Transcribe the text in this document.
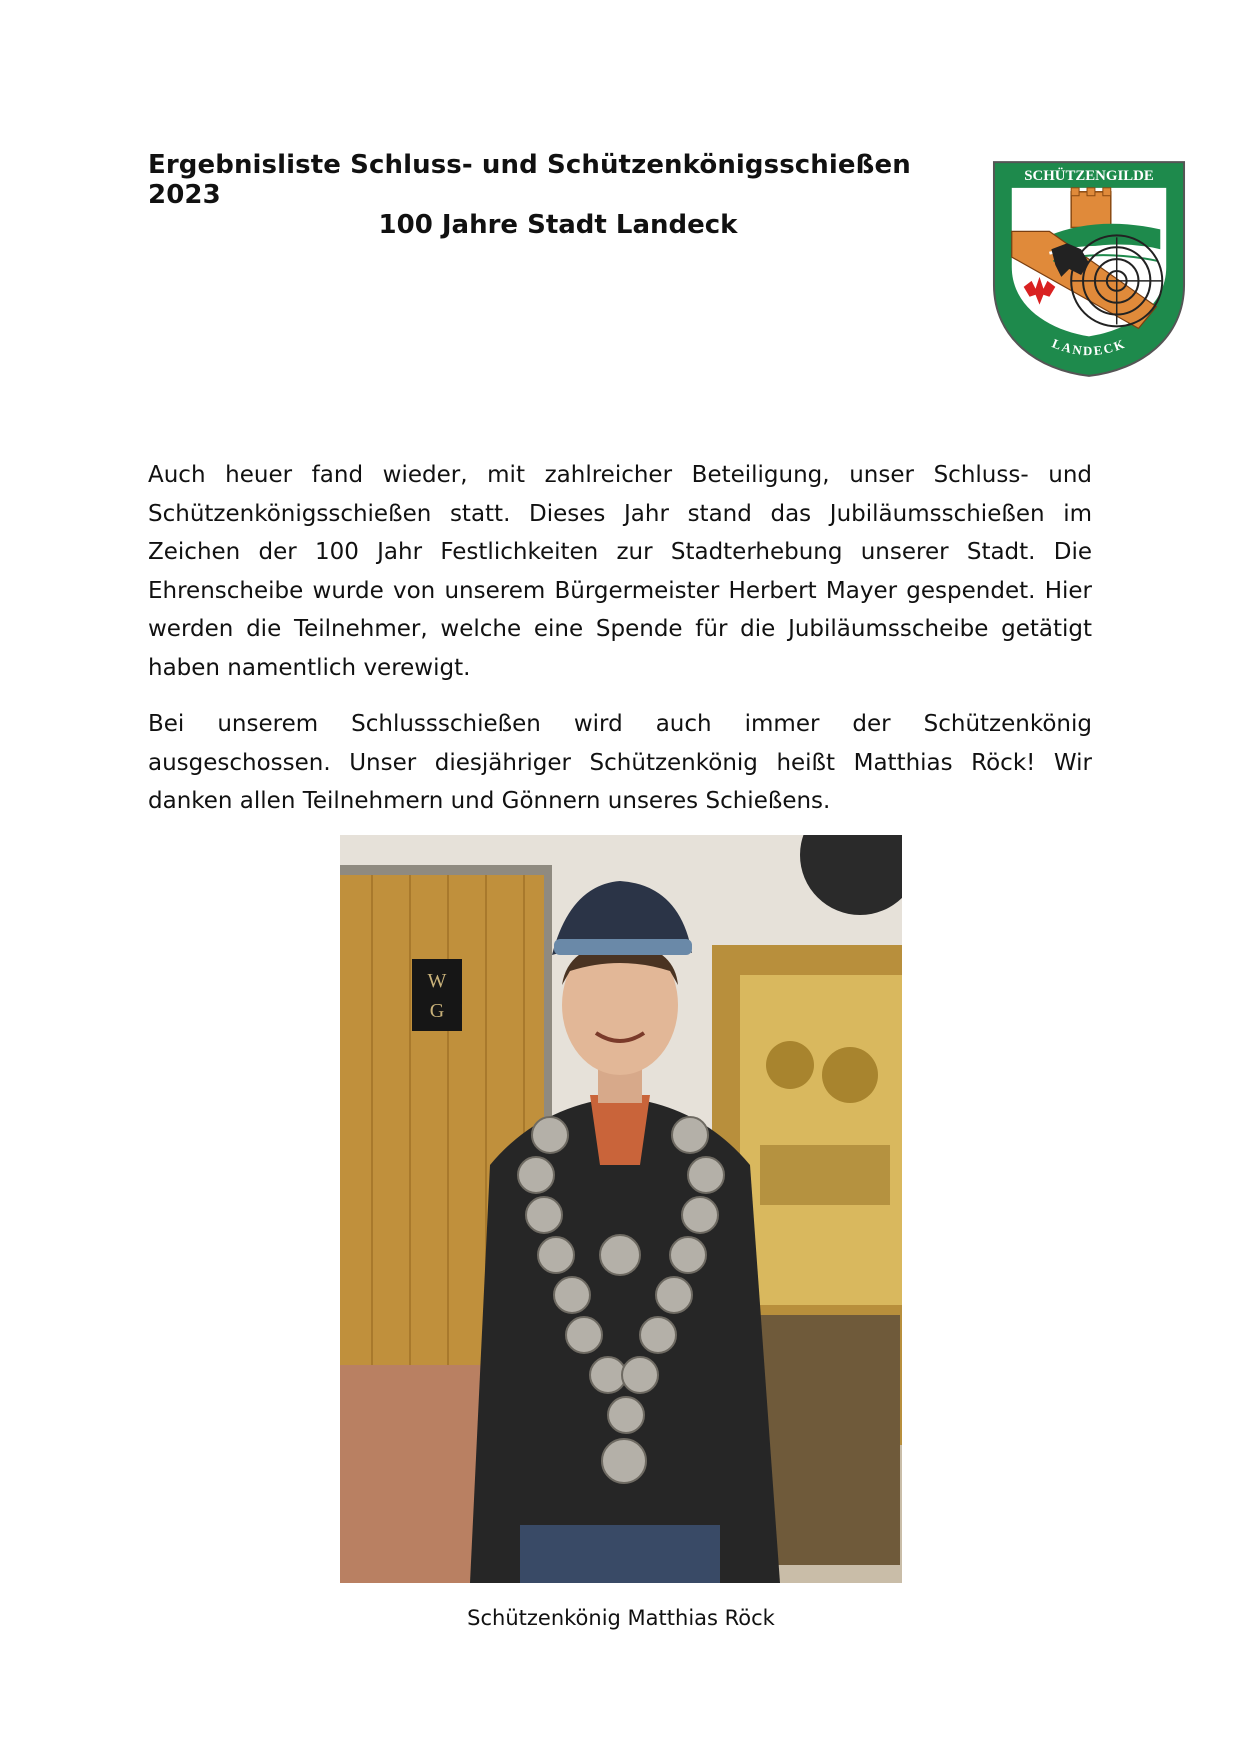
Ergebnisliste Schluss- und Schützenkönigsschießen 2023
100 Jahre Stadt Landeck
SCHÜTZENGILDE
LANDECK

Auch heuer fand wieder, mit zahlreicher Beteiligung, unser Schluss- und Schützenkönigsschießen statt. Dieses Jahr stand das Jubiläumsschießen im Zeichen der 100 Jahr Festlichkeiten zur Stadterhebung unserer Stadt. Die Ehrenscheibe wurde von unserem Bürgermeister Herbert Mayer gespendet. Hier werden die Teilnehmer, welche eine Spende für die Jubiläumsscheibe getätigt haben namentlich verewigt.

Bei unserem Schlussschießen wird auch immer der Schützenkönig ausgeschossen. Unser diesjähriger Schützenkönig heißt Matthias Röck! Wir danken allen Teilnehmern und Gönnern unseres Schießens.

W
G
Schützenkönig Matthias Röck
